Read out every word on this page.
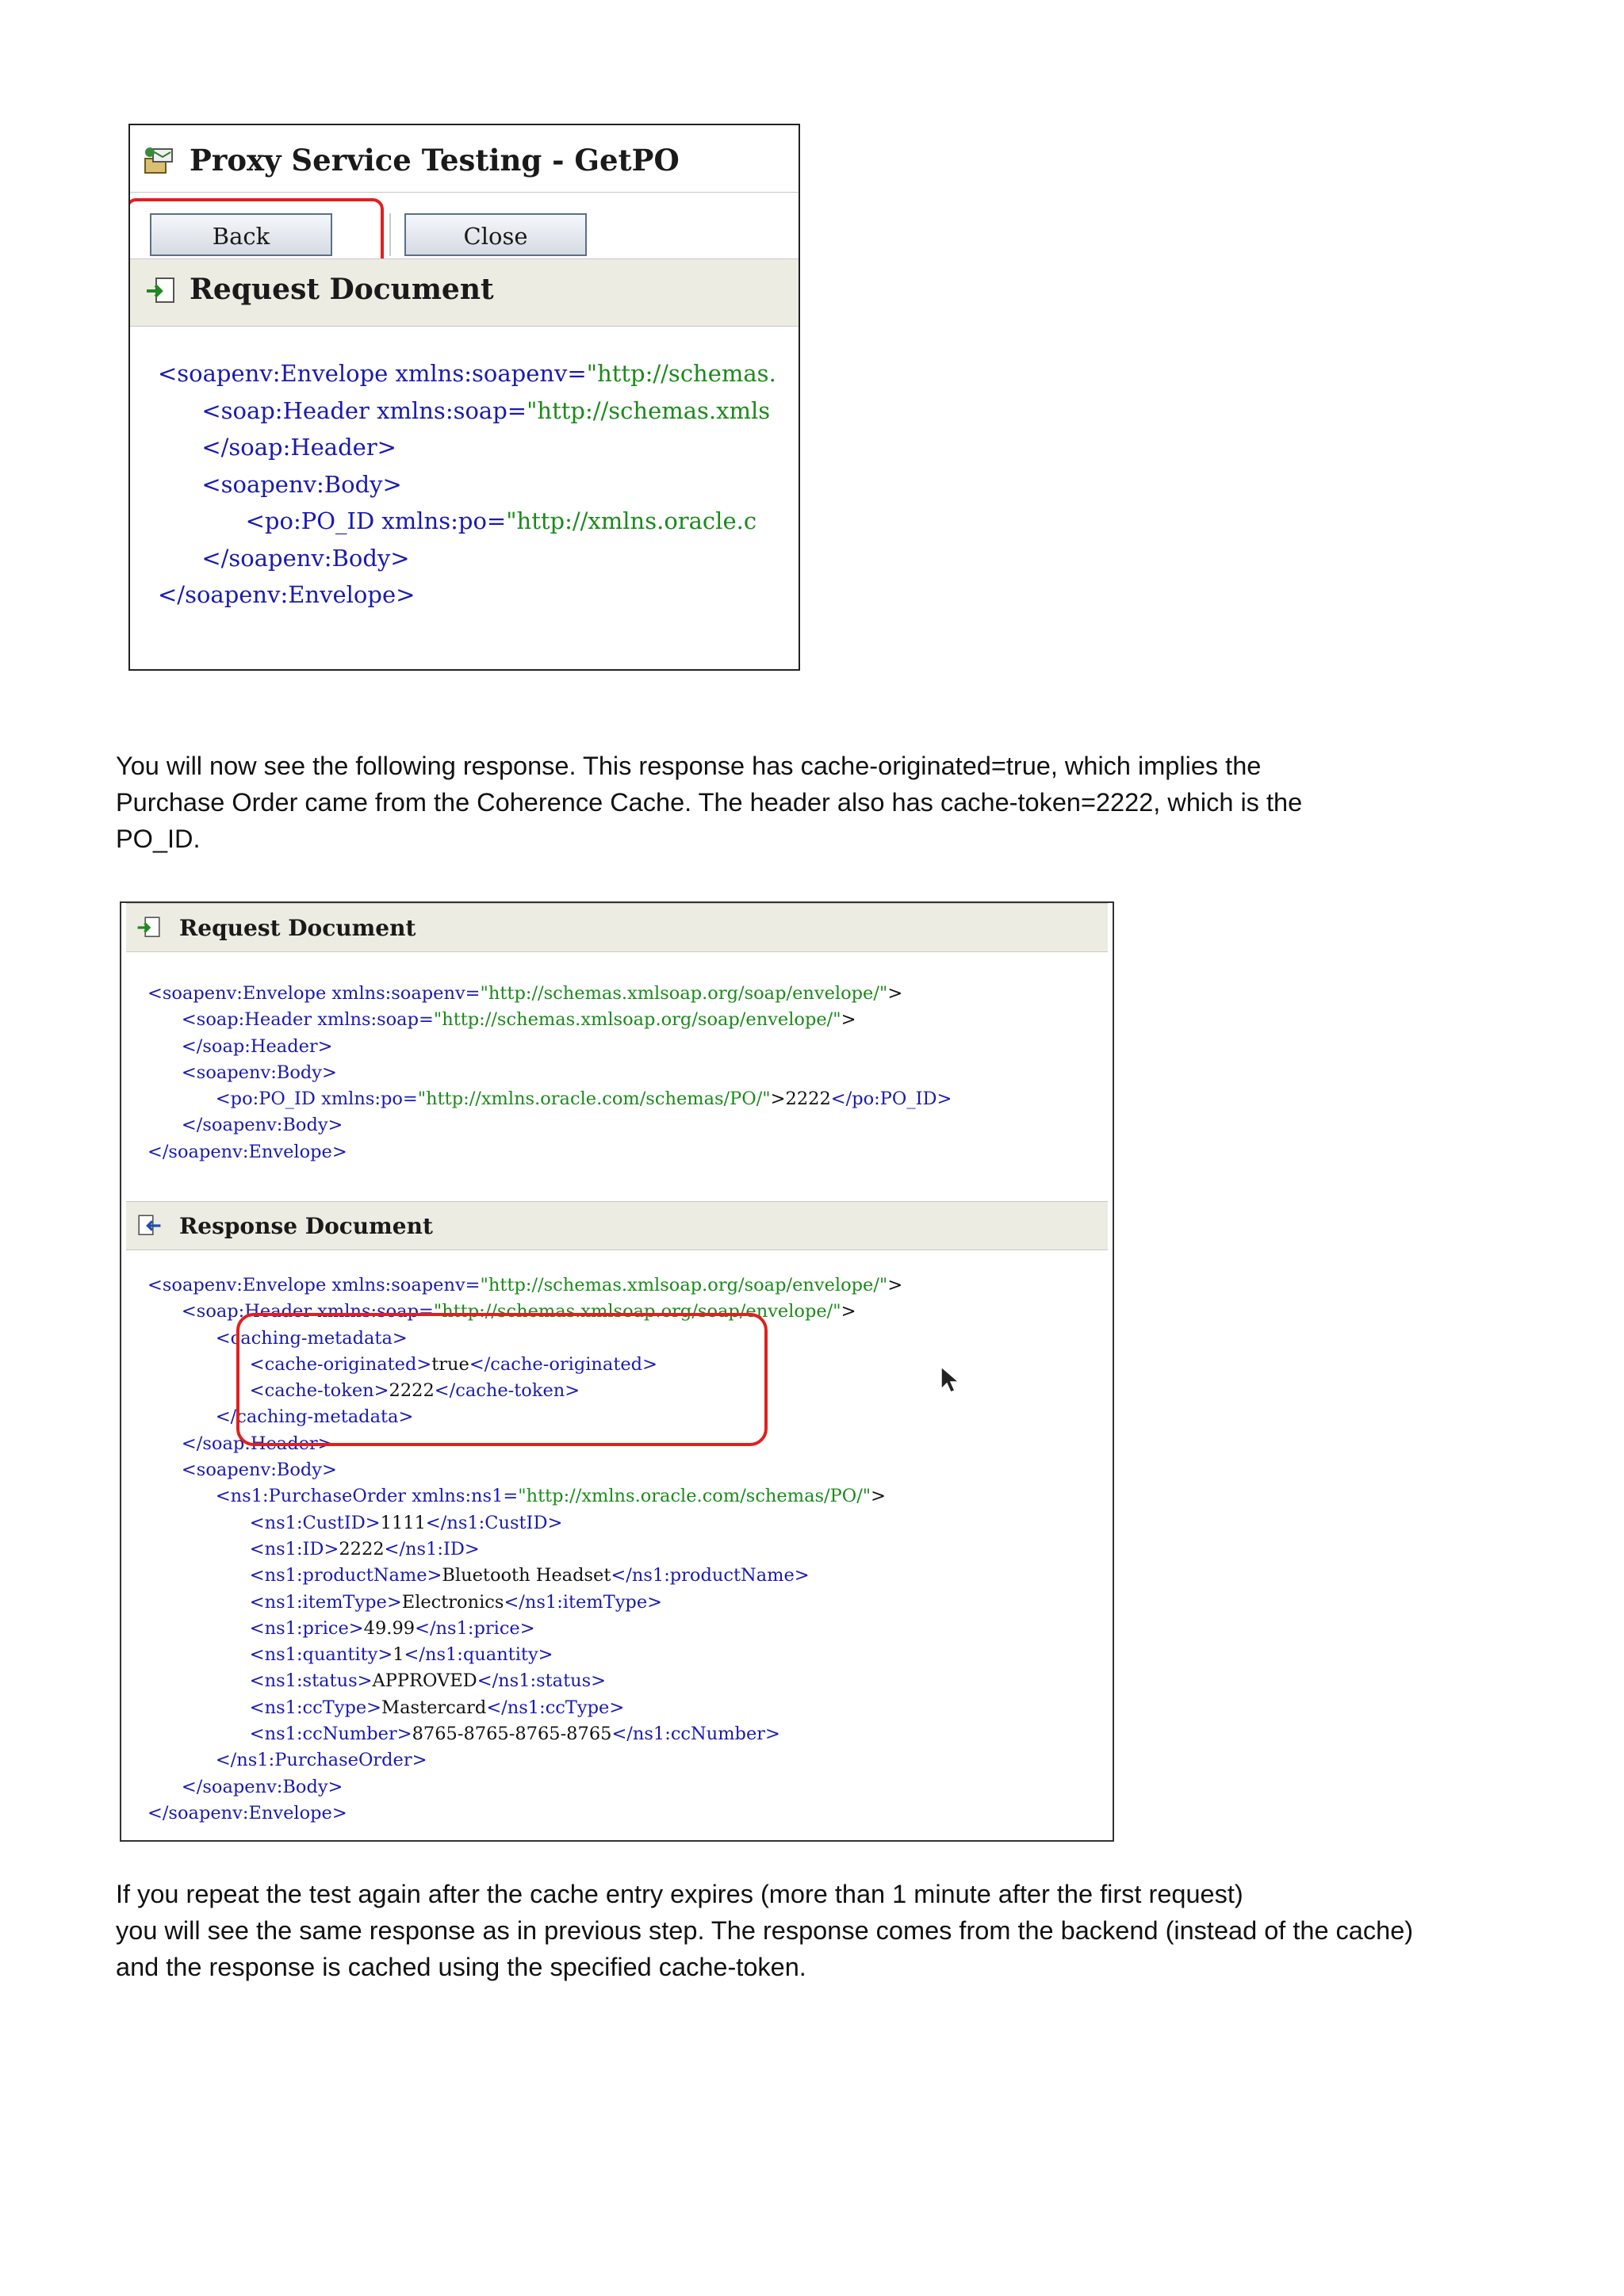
Proxy Service Testing - GetPO
Back	Close
Request Document
<soapenv:Envelope xmlns:soapenv="http://schemas.
<soap:Header xmlns:soap="http://schemas.xmls
</soap:Header>
<soapenv:Body>
<po:PO_ID xmlns:po="http://xmlns.oracle.c
</soapenv:Body>
</soapenv:Envelope>
You will now see the following response. This response has cache-originated=true, which implies the
Purchase Order came from the Coherence Cache. The header also has cache-token=2222, which is the
PO_ID.
Request Document
<soapenv:Envelope xmlns:soapenv="http://schemas.xmlsoap.org/soap/envelope/">
<soap:Header xmlns:soap="http://schemas.xmlsoap.org/soap/envelope/">
</soap:Header>
<soapenv:Body>
<po:PO_ID xmlns:po="http://xmlns.oracle.com/schemas/PO/">2222</po:PO_ID>
</soapenv:Body>
</soapenv:Envelope>
Response Document
<soapenv:Envelope xmlns:soapenv="http://schemas.xmlsoap.org/soap/envelope/">
<soap:Header xmlns:soap="http://schemas.xmlsoap.org/soap/envelope/">
<caching-metadata>
<cache-originated>true</cache-originated>
<cache-token>2222</cache-token>
</caching-metadata>
</soap:Header>
<soapenv:Body>
<ns1:PurchaseOrder xmlns:ns1="http://xmlns.oracle.com/schemas/PO/">
<ns1:CustID>1111</ns1:CustID>
<ns1:ID>2222</ns1:ID>
<ns1:productName>Bluetooth Headset</ns1:productName>
<ns1:itemType>Electronics</ns1:itemType>
<ns1:price>49.99</ns1:price>
<ns1:quantity>1</ns1:quantity>
<ns1:status>APPROVED</ns1:status>
<ns1:ccType>Mastercard</ns1:ccType>
<ns1:ccNumber>8765-8765-8765-8765</ns1:ccNumber>
</ns1:PurchaseOrder>
</soapenv:Body>
</soapenv:Envelope>
If you repeat the test again after the cache entry expires (more than 1 minute after the first request)
you will see the same response as in previous step. The response comes from the backend (instead of the cache)
and the response is cached using the specified cache-token.
